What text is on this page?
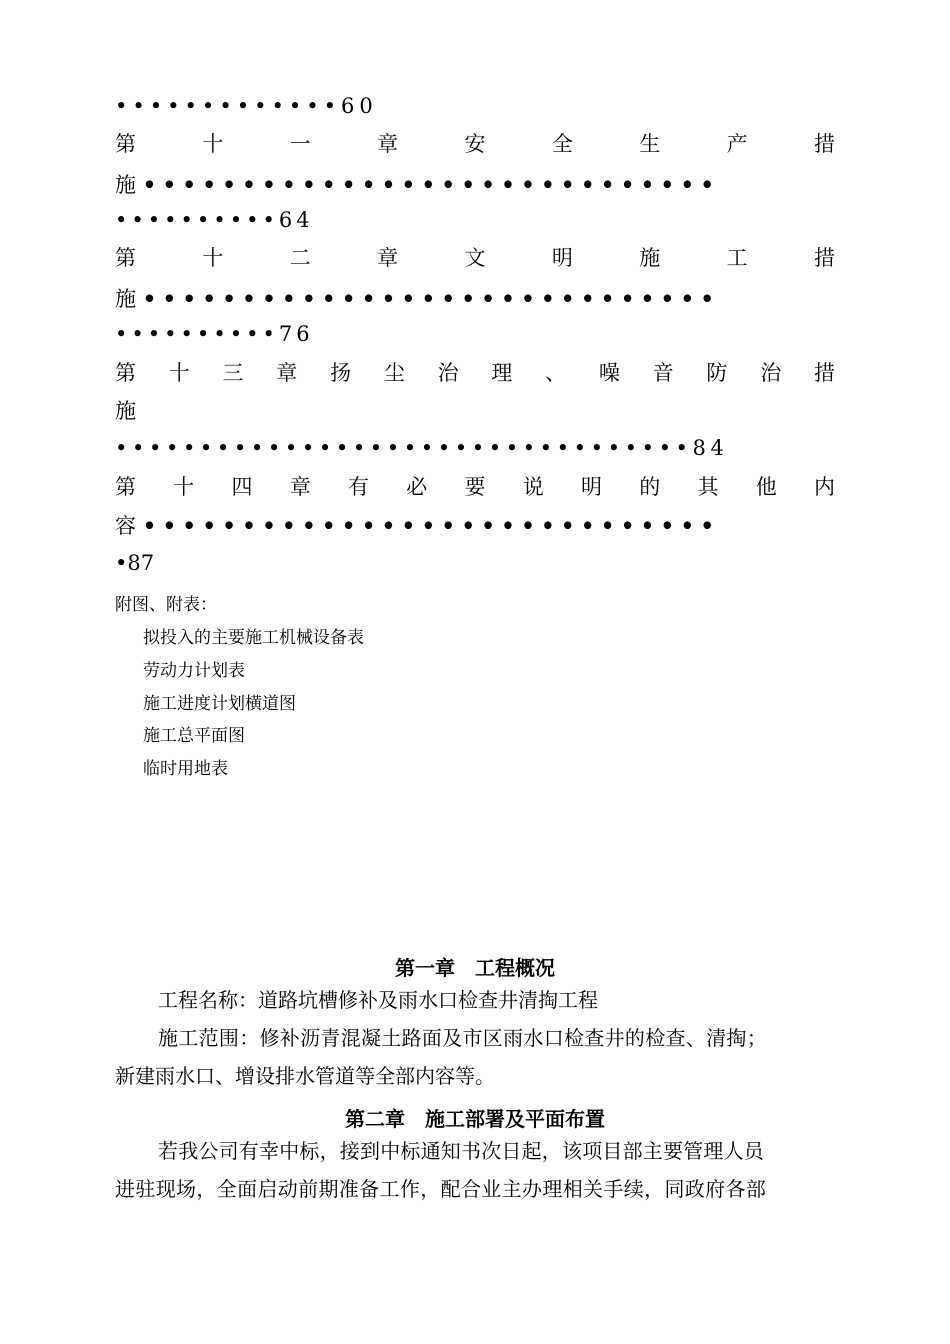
•••••••••••••60
第	十	一	章	安	全	生	产	措
施 •••••••••••••••••••••••••••••
••••••••••64
第	十	二	章	文	明	施	工	措
施 •••••••••••••••••••••••••••••
••••••••••76
第 十 三 章 扬 尘 治 理 、 噪 音 防 治 措
施
••••••••••••••••••••••••••••••••••84
第 十 四 章 有 必 要 说 明 的 其 他 内
容 •••••••••••••••••••••••••••••
•87
附图、附表：
拟投入的主要施工机械设备表
劳动力计划表
施工进度计划横道图
施工总平面图
临时用地表
第一章　工程概况
工程名称：道路坑槽修补及雨水口检查井清掏工程
施工范围：修补沥青混凝土路面及市区雨水口检查井的检查、清掏；
新建雨水口、增设排水管道等全部内容等。
第二章　施工部署及平面布置
若我公司有幸中标，接到中标通知书次日起，该项目部主要管理人员
进驻现场，全面启动前期准备工作，配合业主办理相关手续，同政府各部
